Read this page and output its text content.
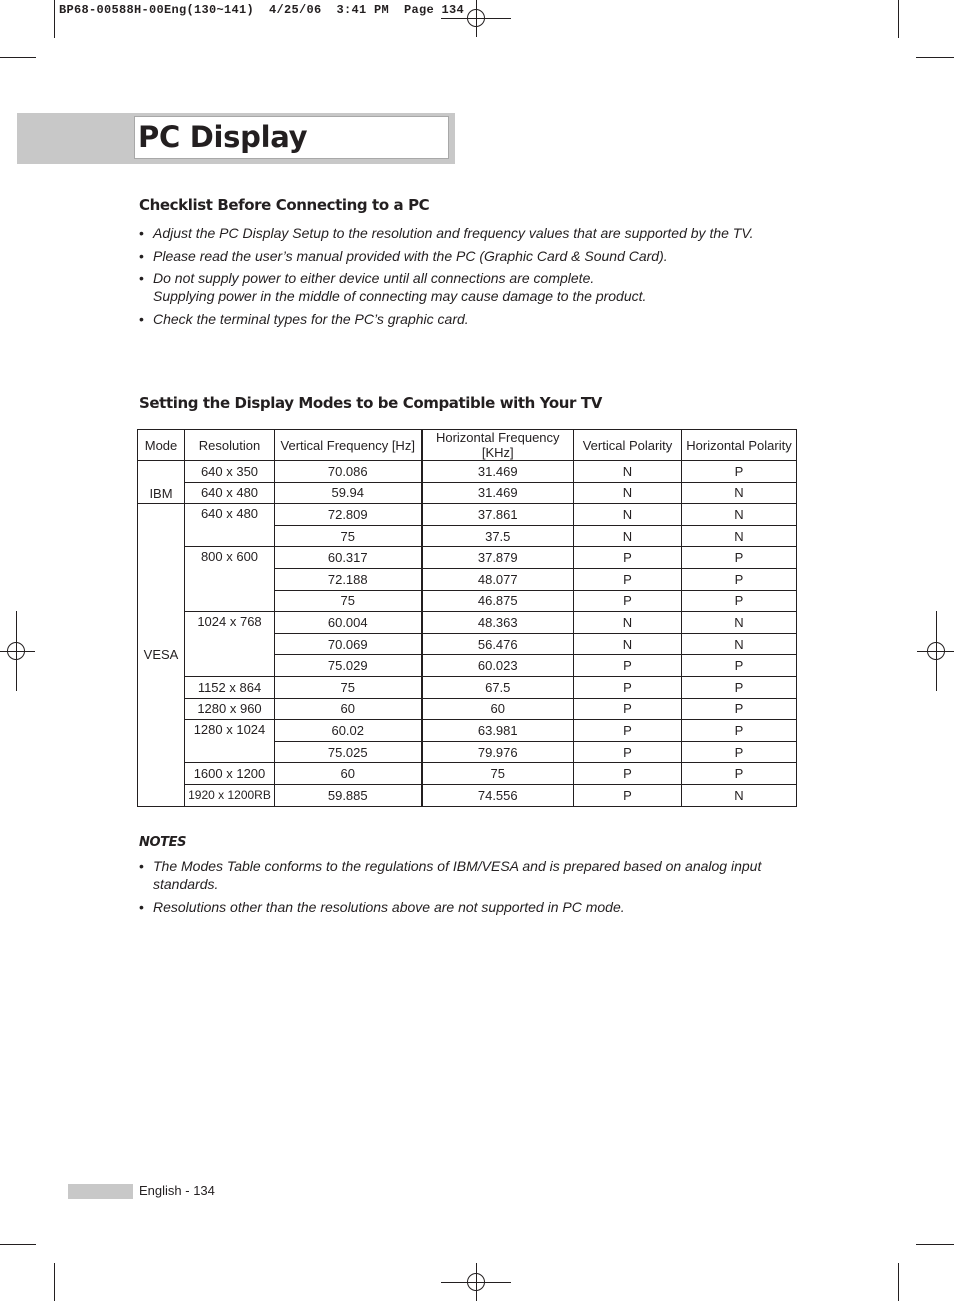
BP68-00588H-00Eng(130~141)  4/25/06  3:41 PM  Page 134
PC Display
Checklist Before Connecting to a PC
• Adjust the PC Display Setup to the resolution and frequency values that are supported by the TV.
• Please read the user’s manual provided with the PC (Graphic Card & Sound Card).
• Do not supply power to either device until all connections are complete.
Supplying power in the middle of connecting may cause damage to the product.
• Check the terminal types for the PC’s graphic card.
Setting the Display Modes to be Compatible with Your TV
Mode	Resolution	Vertical Frequency [Hz]	Horizontal Frequency [KHz]	Vertical Polarity	Horizontal Polarity
IBM	640 x 350	70.086	31.469	N	P
	640 x 480	59.94	31.469	N	N
VESA	640 x 480	72.809	37.861	N	N
		75	37.5	N	N
	800 x 600	60.317	37.879	P	P
		72.188	48.077	P	P
		75	46.875	P	P
	1024 x 768	60.004	48.363	N	N
		70.069	56.476	N	N
		75.029	60.023	P	P
	1152 x 864	75	67.5	P	P
	1280 x 960	60	60	P	P
	1280 x 1024	60.02	63.981	P	P
		75.025	79.976	P	P
	1600 x 1200	60	75	P	P
	1920 x 1200RB	59.885	74.556	P	N
NOTES
• The Modes Table conforms to the regulations of IBM/VESA and is prepared based on analog input standards.
• Resolutions other than the resolutions above are not supported in PC mode.
English - 134
